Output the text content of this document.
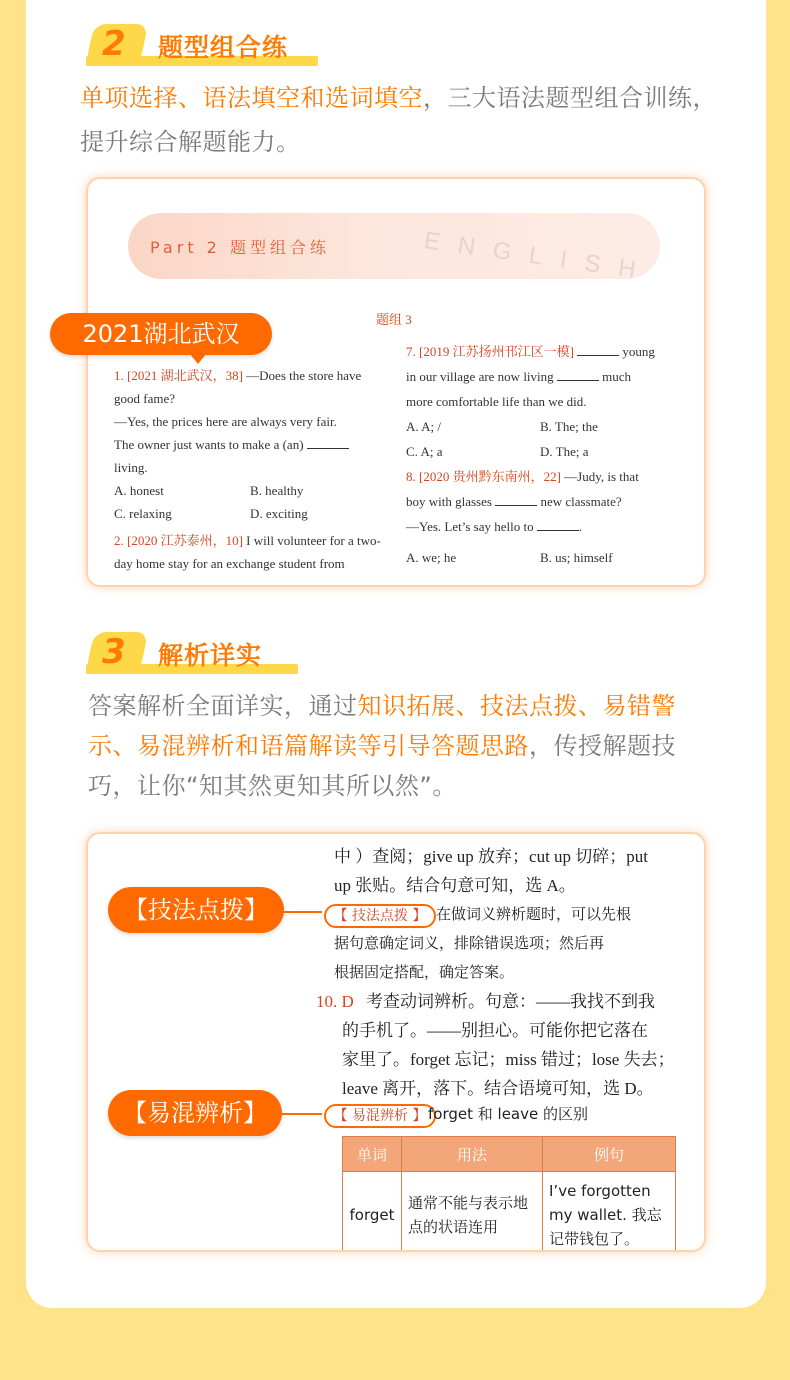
2 题型组合练
单项选择、语法填空和选词填空，三大语法题型组合训练，提升综合解题能力。
Part 2 题型组合练	ENGLISH
题组 3
1. [2021 湖北武汉，38] —Does the store have good fame?
—Yes, the prices here are always very fair.
The owner just wants to make a (an)
living.
A. honest	B. healthy
C. relaxing	D. exciting
2. [2020 江苏泰州，10] I will volunteer for a two-
day home stay for an exchange student from
7. [2019 江苏扬州邗江区一模]	young
in our village are now living	much
more comfortable life than we did.
A. A; /	B. The; the
C. A; a	D. The; a
8. [2020 贵州黔东南州，22] —Judy, is that
boy with glasses	new classmate?
—Yes. Let’s say hello to	.
A. we; he	B. us; himself
2021湖北武汉
3 解析详实
答案解析全面详实，通过知识拓展、技法点拨、易错警示、易混辨析和语篇解读等引导答题思路，传授解题技巧，让你“知其然更知其所以然”。
中 ）查阅；give up 放弃；cut up 切碎；put
up 张贴。结合句意可知，选 A。
【 技法点拨 】 在做词义辨析题时，可以先根
据句意确定词义，排除错误选项；然后再
根据固定搭配，确定答案。
10. D 考查动词辨析。句意：——我找不到我
的手机了。——别担心。可能你把它落在
家里了。forget 忘记；miss 错过；lose 失去；
leave 离开，落下。结合语境可知，选 D。
【 易混辨析 】 forget 和 leave 的区别
单词	用法	例句
forget	通常不能与表示地点的状语连用	I’ve forgotten my wallet. 我忘记带钱包了。
【技法点拨】
【易混辨析】
